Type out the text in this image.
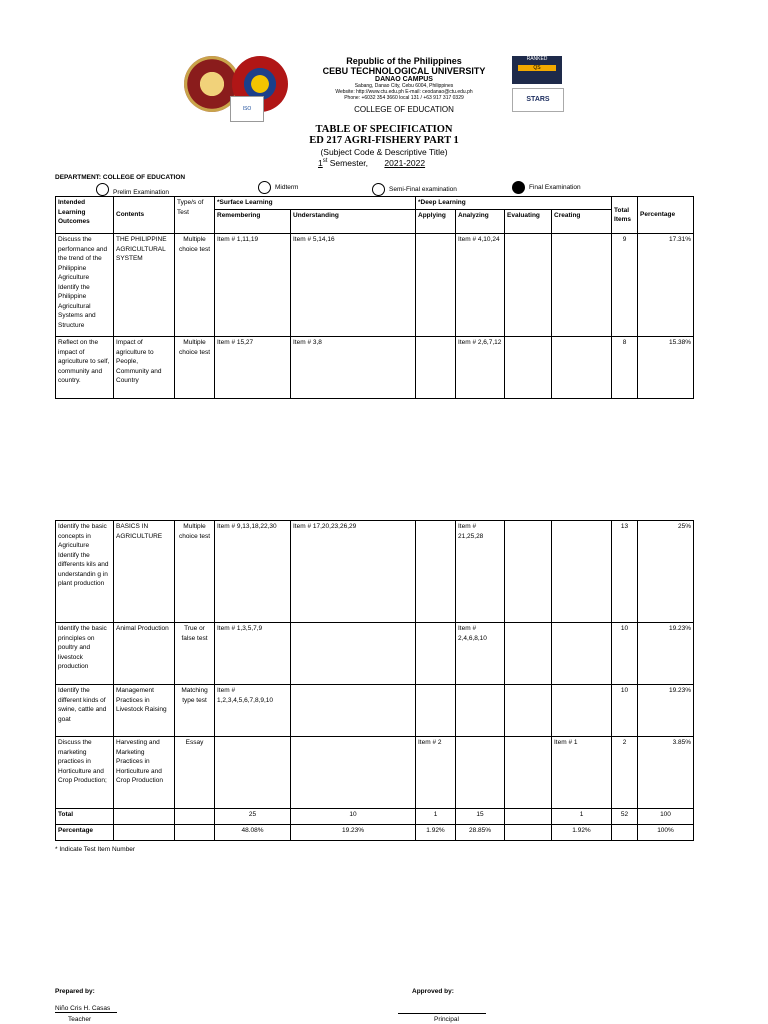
ISO
Republic of the Philippines
CEBU TECHNOLOGICAL UNIVERSITY
DANAO CAMPUS
Sabang, Danao City, Cebu 6004, Philippines
Website: http://www.ctu.edu.ph E-mail: ceodanao@ctu.edu.ph
Phone: +6032 354 3660 local 131 / +63 917 317 0329
COLLEGE OF EDUCATION
RANKED
QS
STARS
TABLE OF SPECIFICATION
ED 217 AGRI-FISHERY PART 1
(Subject Code & Descriptive Title)
1st Semester, 2021-2022
DEPARTMENT: COLLEGE OF EDUCATION
Prelim Examination
Midterm	Semi-Final examination	Final Examination
Intended Learning Outcomes	Contents	Type/s of Test	*Surface Learning		*Deep Learning				Total Items	Percentage
			Remembering	Understanding	Applying	Analyzing	Evaluating	Creating		
Discuss the performance and the trend of the Philippine Agriculture Identify the Philippine Agricultural Systems and Structure	THE PHILIPPINE AGRICULTURAL SYSTEM	Multiple choice test	Item # 1,11,19	Item # 5,14,16		Item # 4,10,24			9	17.31%
Reflect on the impact of agriculture to self, community and country.	Impact of agriculture to People, Community and Country	Multiple choice test	Item # 15,27	Item # 3,8		Item # 2,6,7,12			8	15.38%
Identify the basic concepts in Agriculture Identify the differents kils and understandin g in plant production	BASICS IN AGRICULTURE	Multiple choice test	Item # 9,13,18,22,30	Item # 17,20,23,26,29		Item # 21,25,28			13	25%
Identify the basic principles on poultry and livestock production	Animal Production	True or false test	Item # 1,3,5,7,9			Item # 2,4,6,8,10			10	19.23%
Identify the different kinds of swine, cattle and goat	Management Practices in Livestock Raising	Matching type test	Item # 1,2,3,4,5,6,7,8,9,10						10	19.23%
Discuss the marketing practices in Horticulture and Crop Production;	Harvesting and Marketing Practices in Horticulture and Crop Production	Essay			Item # 2			Item # 1	2	3.85%
Total			25	10	1	15		1	52	100
Percentage			48.08%	19.23%	1.92%	28.85%		1.92%		100%
* Indicate Test Item Number
Prepared by:
Niño Cris H. Casas
Teacher
Approved by:
Principal
